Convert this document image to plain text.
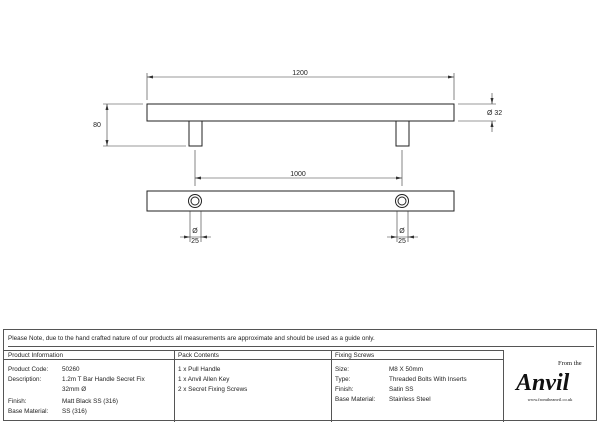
1200
80
Ø 32
1000
Ø
25
Ø
25
Please Note, due to the hand crafted nature of our products all measurements are approximate and should be used as a guide only.
Product Information
Product Code: 50260
Description:	1.2m T Bar Handle Secret Fix
32mm Ø
Finish:	Matt Black SS (316)
Base Material: SS (316)
Pack Contents
1 x Pull Handle
1 x Anvil Allen Key
2 x Secret Fixing Screws
Fixing Screws
Size:	M8 X 50mm
Type:	Threaded Bolts With Inserts
Finish:	Satin SS
Base Material: Stainless Steel
From the
Anvil
www.fromtheanvil.co.uk
